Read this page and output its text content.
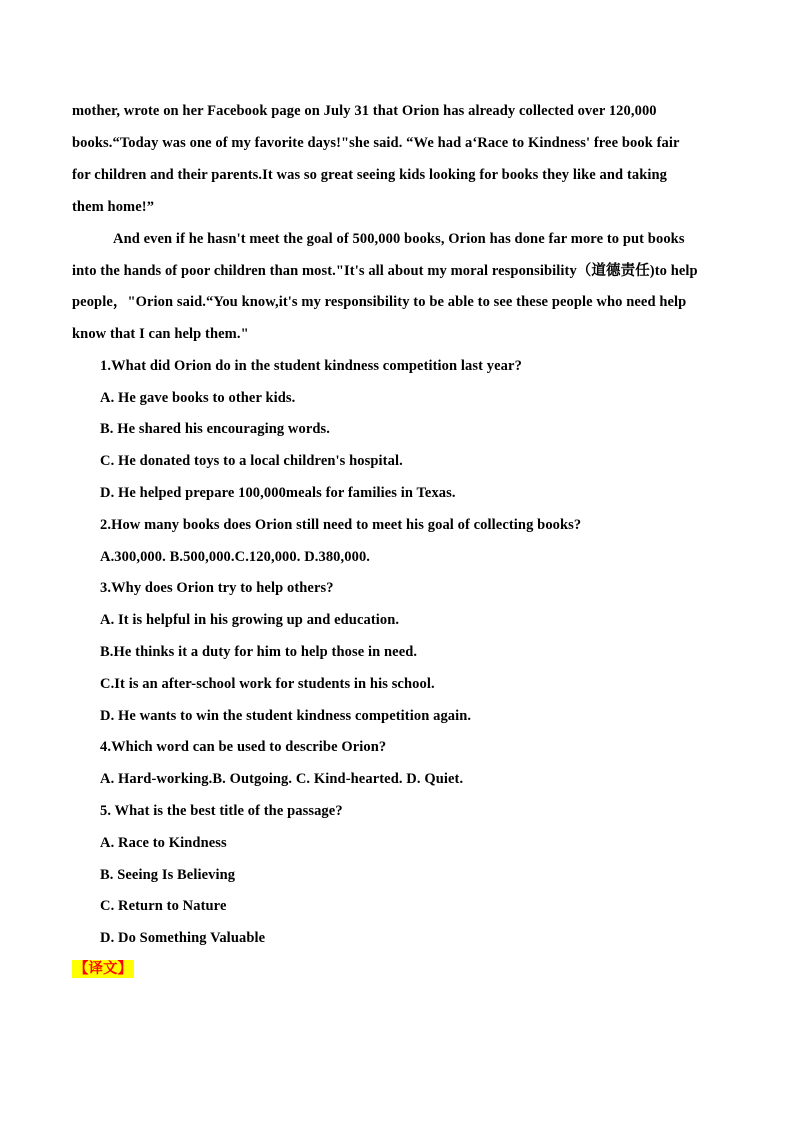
mother, wrote on her Facebook page on July 31 that Orion has already collected over 120,000
books.“Today was one of my favorite days!"she said. “We had a‘Race to Kindness' free book fair
for children and their parents.It was so great seeing kids looking for books they like and taking
them home!”
And even if he hasn't meet the goal of 500,000 books, Orion has done far more to put books
into the hands of poor children than most."It's all about my moral responsibility（道德责任)to help
people，"Orion said.“You know,it's my responsibility to be able to see these people who need help
know that I can help them."
1.What did Orion do in the student kindness competition last year?
A. He gave books to other kids.
B. He shared his encouraging words.
C. He donated toys to a local children's hospital.
D. He helped prepare 100,000meals for families in Texas.
2.How many books does Orion still need to meet his goal of collecting books?
A.300,000. B.500,000.C.120,000. D.380,000.
3.Why does Orion try to help others?
A. It is helpful in his growing up and education.
B.He thinks it a duty for him to help those in need.
C.It is an after-school work for students in his school.
D. He wants to win the student kindness competition again.
4.Which word can be used to describe Orion?
A. Hard-working.B. Outgoing. C. Kind-hearted. D. Quiet.
5. What is the best title of the passage?
A. Race to Kindness
B. Seeing Is Believing
C. Return to Nature
D. Do Something Valuable
【译文】
